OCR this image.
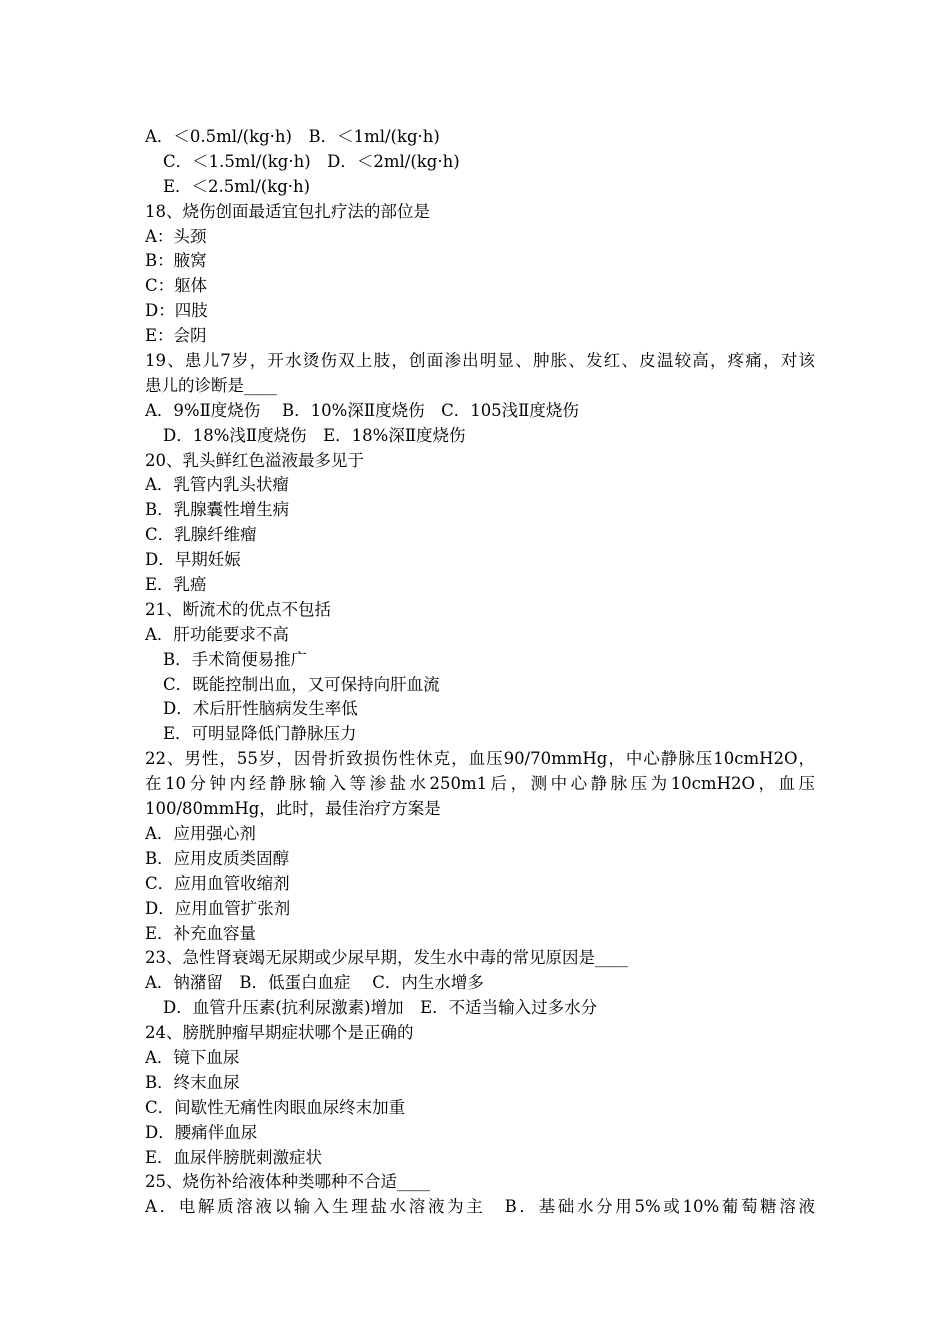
A．＜0.5ml/(kg·h)　B．＜1ml/(kg·h)
C．＜1.5ml/(kg·h)　D．＜2ml/(kg·h)
E．＜2.5ml/(kg·h)
18、烧伤创面最适宜包扎疗法的部位是
A：头颈
B：腋窝
C：躯体
D：四肢
E：会阴
19、患儿7岁，开水烫伤双上肢，创面渗出明显、肿胀、发红、皮温较高，疼痛，对该
患儿的诊断是____
A．9%Ⅱ度烧伤　 B．10%深Ⅱ度烧伤　C．105浅Ⅱ度烧伤
D．18%浅Ⅱ度烧伤　E．18%深Ⅱ度烧伤
20、乳头鲜红色溢液最多见于
A．乳管内乳头状瘤
B．乳腺囊性增生病
C．乳腺纤维瘤
D．早期妊娠
E．乳癌
21、断流术的优点不包括
A．肝功能要求不高
B．手术简便易推广
C．既能控制出血，又可保持向肝血流
D．术后肝性脑病发生率低
E．可明显降低门静脉压力
22、男性，55岁，因骨折致损伤性休克，血压90/70mmHg，中心静脉压10cmH2O，
在10分钟内经静脉输入等渗盐水250m1后，测中心静脉压为10cmH2O，血压
100/80mmHg，此时，最佳治疗方案是
A．应用强心剂
B．应用皮质类固醇
C．应用血管收缩剂
D．应用血管扩张剂
E．补充血容量
23、急性肾衰竭无尿期或少尿早期，发生水中毒的常见原因是____
A．钠潴留　B．低蛋白血症　 C．内生水增多
D．血管升压素(抗利尿激素)增加　E．不适当输入过多水分
24、膀胱肿瘤早期症状哪个是正确的
A．镜下血尿
B．终末血尿
C．间歇性无痛性肉眼血尿终末加重
D．腰痛伴血尿
E．血尿伴膀胱刺激症状
25、烧伤补给液体种类哪种不合适____
A．电解质溶液以输入生理盐水溶液为主　B．基础水分用5%或10%葡萄糖溶液
